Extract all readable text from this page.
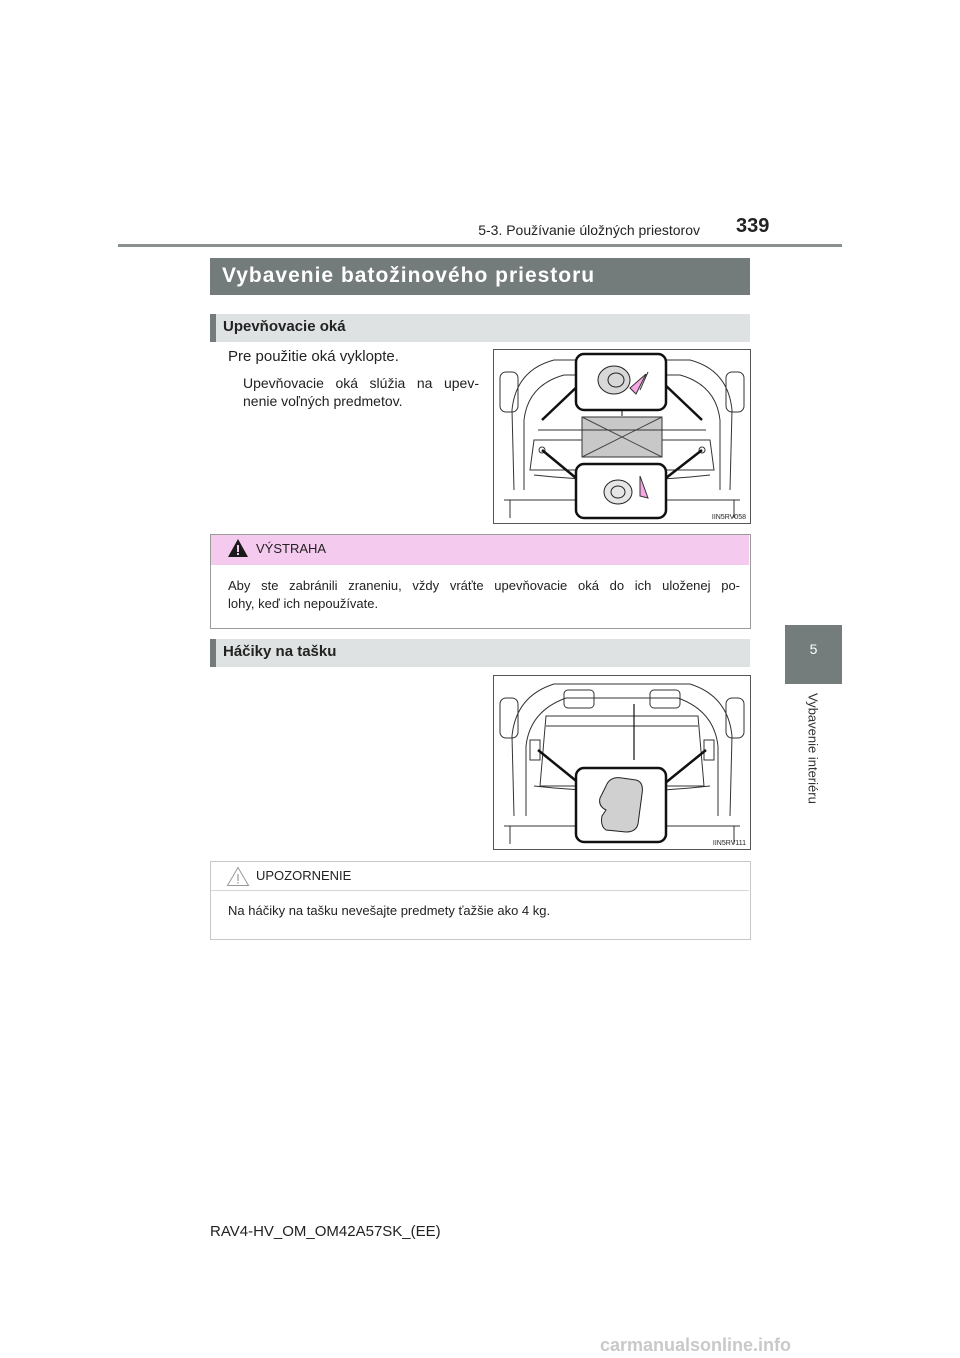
5-3. Používanie úložných priestorov 339
5
Vybavenie interiéru
Vybavenie batožinového priestoru
Upevňovacie oká
Pre použitie oká vyklopte.
Upevňovacie oká slúžia na upev-
nenie voľných predmetov.
IIN5RV058
VÝSTRAHA
Aby ste zabránili zraneniu, vždy vráťte upevňovacie oká do ich uloženej po-
lohy, keď ich nepoužívate.
Háčiky na tašku
IIN5RV111
UPOZORNENIE
Na háčiky na tašku nevešajte predmety ťažšie ako 4 kg.
RAV4-HV_OM_OM42A57SK_(EE)
carmanualsonline.info
